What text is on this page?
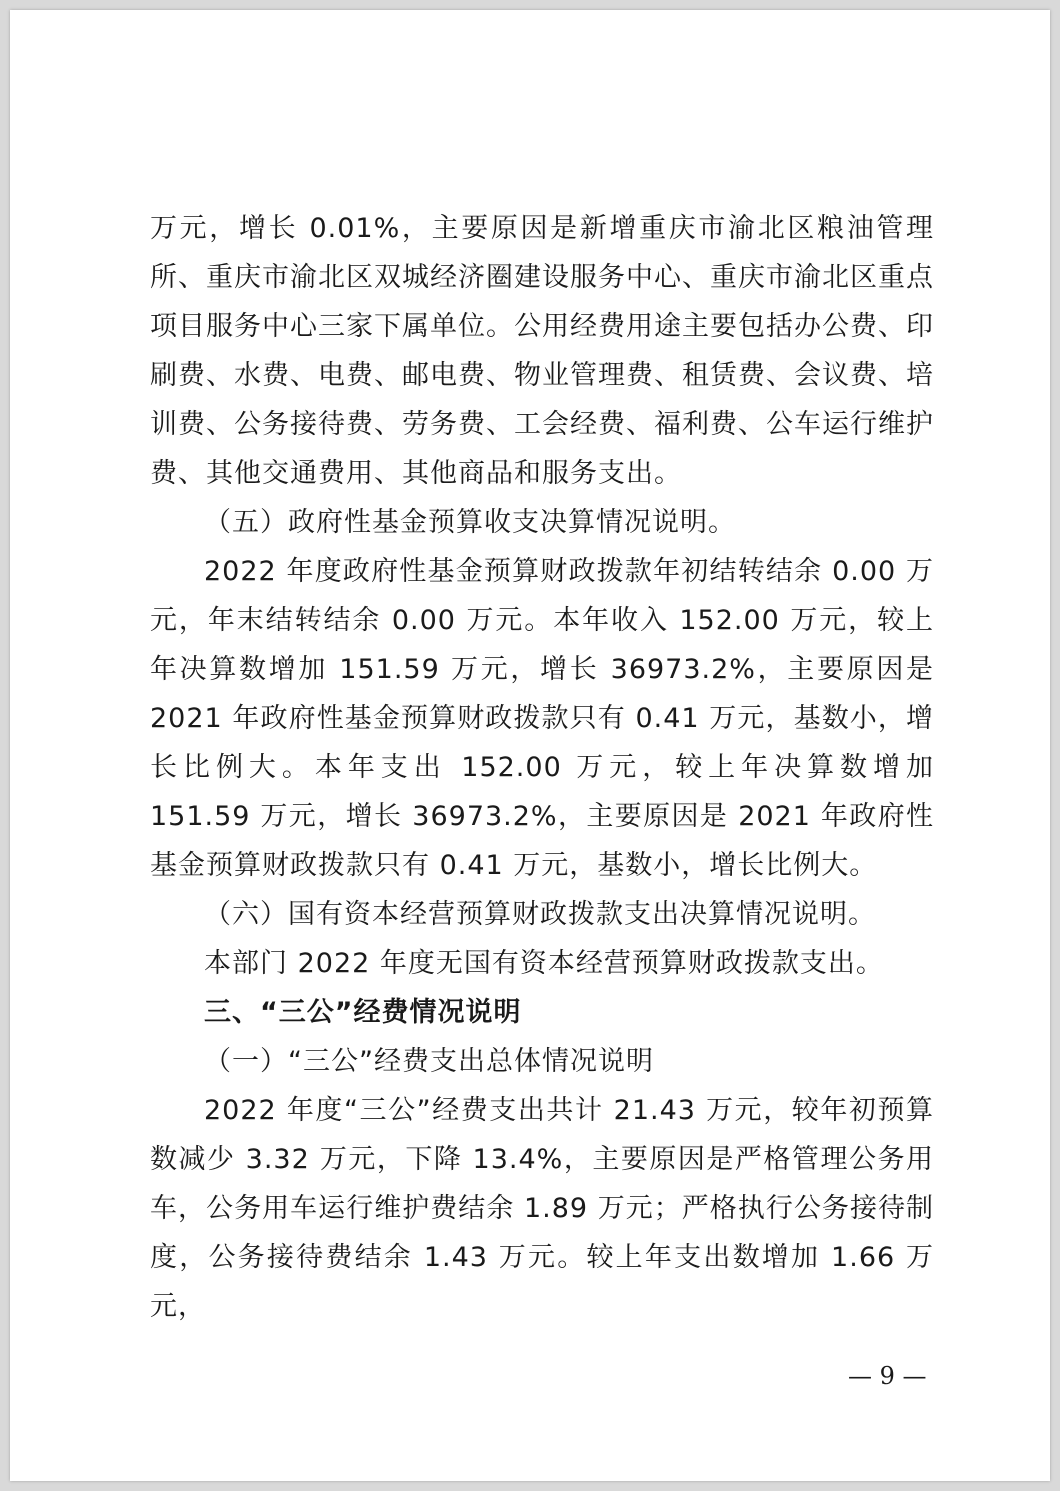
万元，增长 0.01%，主要原因是新增重庆市渝北区粮油管理所、重庆市渝北区双城经济圈建设服务中心、重庆市渝北区重点项目服务中心三家下属单位。公用经费用途主要包括办公费、印刷费、水费、电费、邮电费、物业管理费、租赁费、会议费、培训费、公务接待费、劳务费、工会经费、福利费、公车运行维护费、其他交通费用、其他商品和服务支出。

（五）政府性基金预算收支决算情况说明。

2022 年度政府性基金预算财政拨款年初结转结余 0.00 万元，年末结转结余 0.00 万元。本年收入 152.00 万元，较上年决算数增加 151.59 万元，增长 36973.2%，主要原因是 2021 年政府性基金预算财政拨款只有 0.41 万元，基数小，增长比例大。本年支出 152.00 万元，较上年决算数增加 151.59 万元，增长 36973.2%，主要原因是 2021 年政府性基金预算财政拨款只有 0.41 万元，基数小，增长比例大。

（六）国有资本经营预算财政拨款支出决算情况说明。

本部门 2022 年度无国有资本经营预算财政拨款支出。

三、“三公”经费情况说明

（一）“三公”经费支出总体情况说明

2022 年度“三公”经费支出共计 21.43 万元，较年初预算数减少 3.32 万元，下降 13.4%，主要原因是严格管理公务用车，公务用车运行维护费结余 1.89 万元；严格执行公务接待制度，公务接待费结余 1.43 万元。较上年支出数增加 1.66 万元，

— 9 —
